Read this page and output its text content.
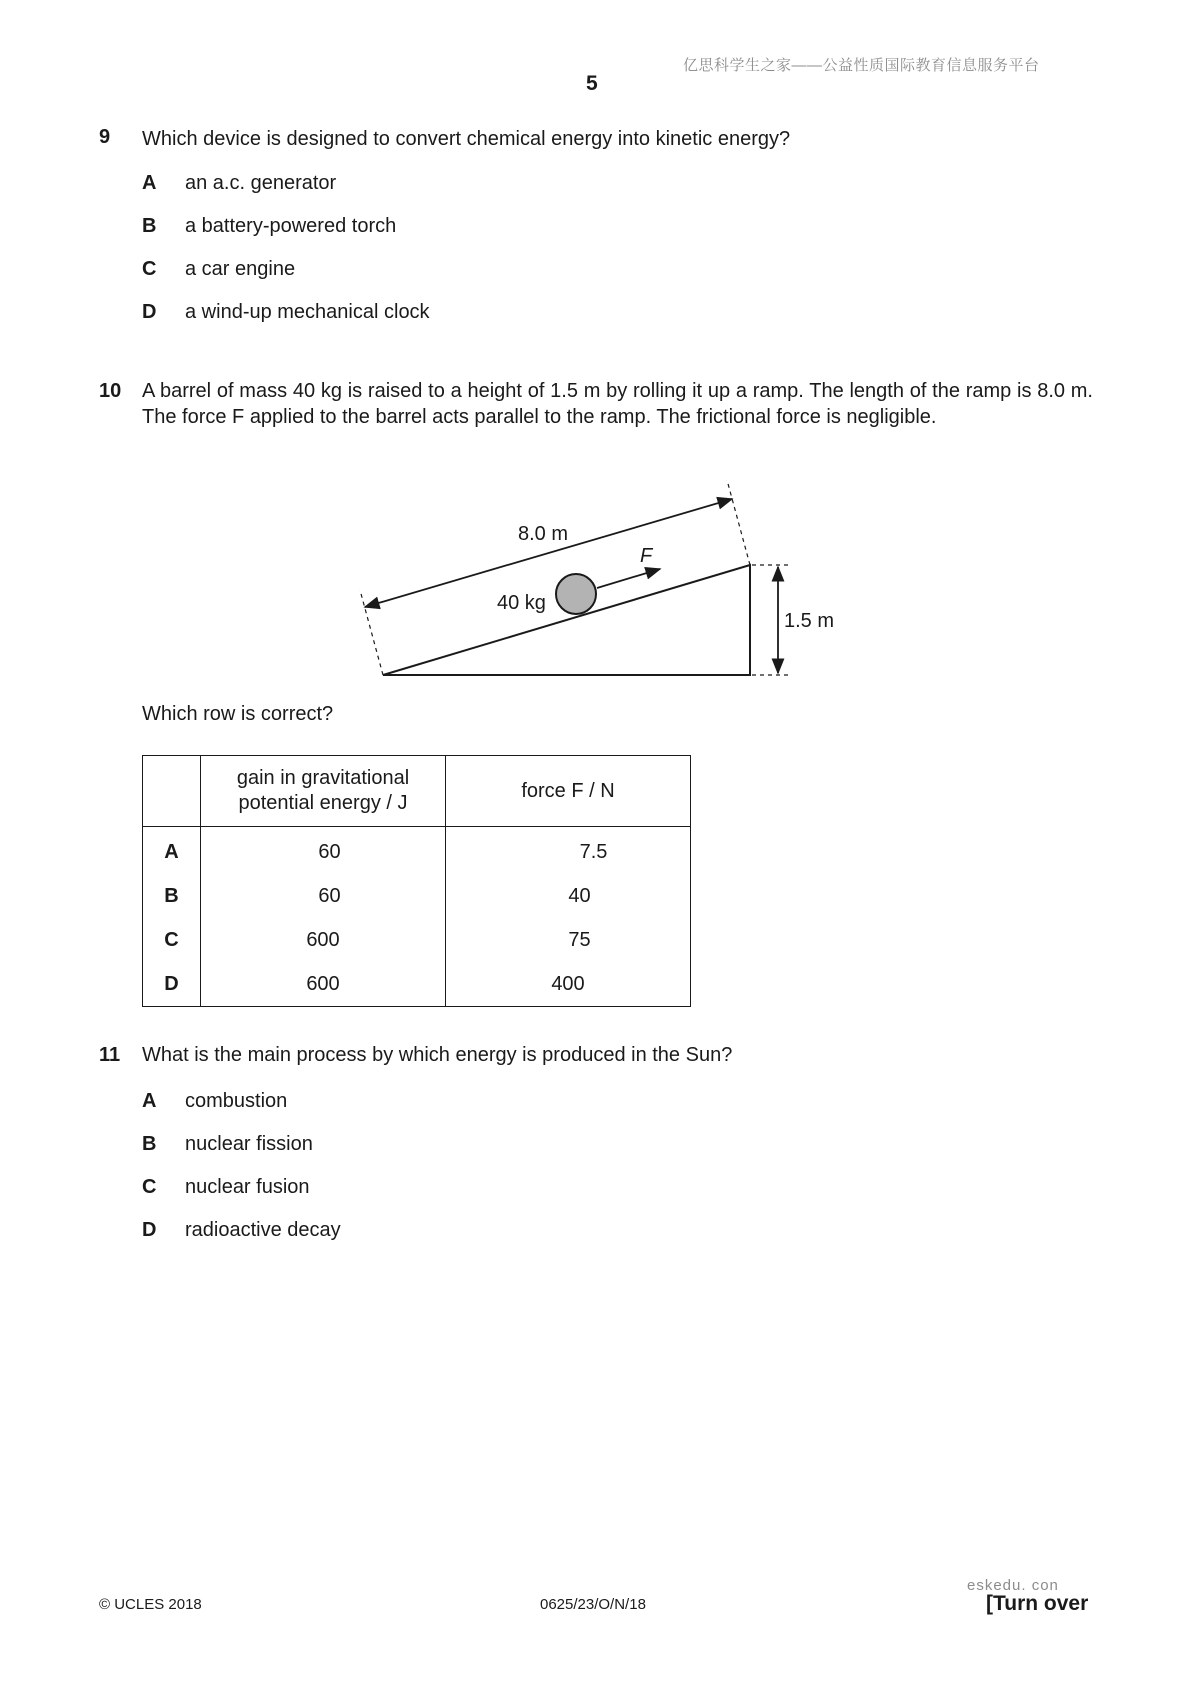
亿思科学生之家——公益性质国际教育信息服务平台
5
9 Which device is designed to convert chemical energy into kinetic energy?
A an a.c. generator
B a battery-powered torch
C a car engine
D a wind-up mechanical clock
10 A barrel of mass 40 kg is raised to a height of 1.5 m by rolling it up a ramp. The length of the ramp is 8.0 m. The force F applied to the barrel acts parallel to the ramp. The frictional force is negligible.
8.0 m
F
40 kg
1.5 m
Which row is correct?
	gain in gravitational potential energy / J	force F / N
A	60	7.5
B	60	40
C	600	75
D	600	400
11 What is the main process by which energy is produced in the Sun?
A combustion
B nuclear fission
C nuclear fusion
D radioactive decay
eskedu. con
© UCLES 2018	0625/23/O/N/18	[Turn over
